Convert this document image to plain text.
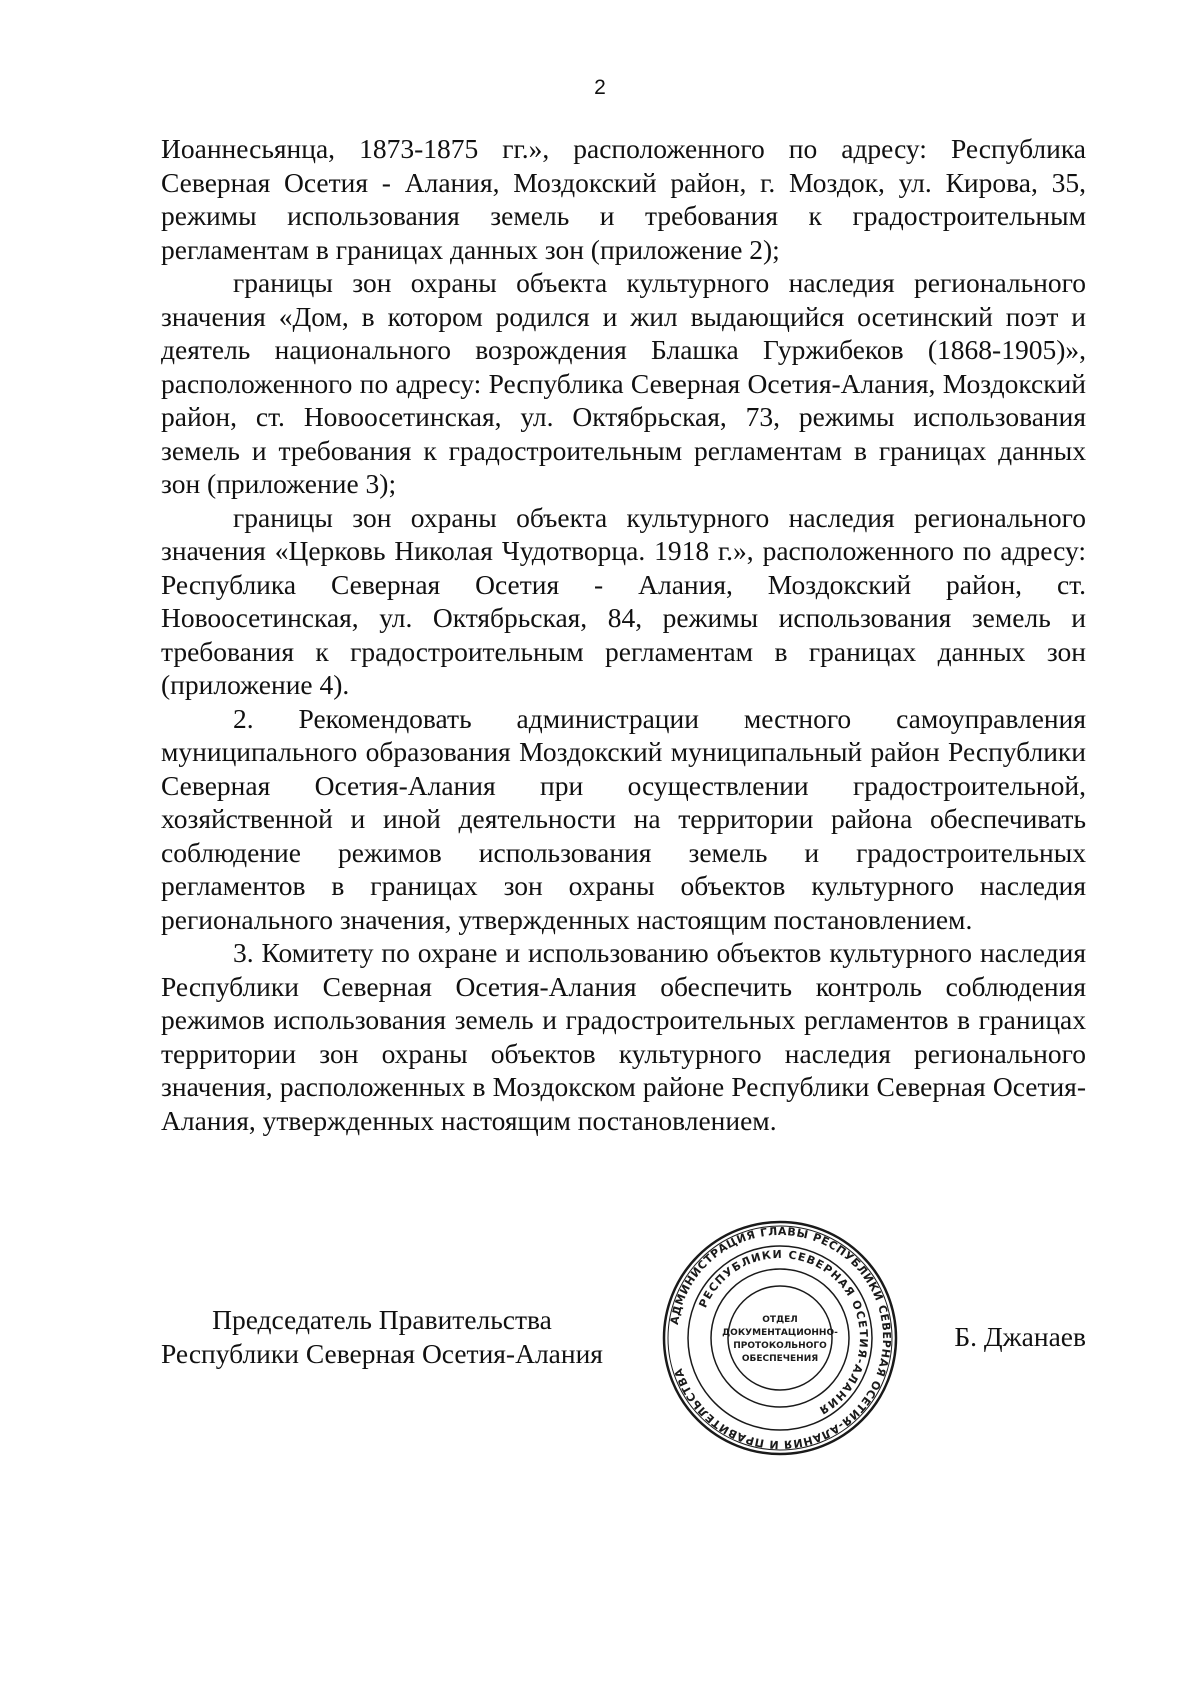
2

Иоаннесьянца, 1873-1875 гг.», расположенного по адресу: Республика Северная Осетия - Алания, Моздокский район, г. Моздок, ул. Кирова, 35, режимы использования земель и требования к градостроительным регламентам в границах данных зон (приложение 2);

границы зон охраны объекта культурного наследия регионального значения «Дом, в котором родился и жил выдающийся осетинский поэт и деятель национального возрождения Блашка Гуржибеков (1868-1905)», расположенного по адресу: Республика Северная Осетия-Алания, Моздокский район, ст. Новоосетинская, ул. Октябрьская, 73, режимы использования земель и требования к градостроительным регламентам в границах данных зон (приложение 3);

границы зон охраны объекта культурного наследия регионального значения «Церковь Николая Чудотворца. 1918 г.», расположенного по адресу: Республика Северная Осетия - Алания, Моздокский район, ст. Новоосетинская, ул. Октябрьская, 84, режимы использования земель и требования к градостроительным регламентам в границах данных зон (приложение 4).

2. Рекомендовать администрации местного самоуправления муниципального образования Моздокский муниципальный район Республики Северная Осетия-Алания при осуществлении градостроительной, хозяйственной и иной деятельности на территории района обеспечивать соблюдение режимов использования земель и градостроительных регламентов в границах зон охраны объектов культурного наследия регионального значения, утвержденных настоящим постановлением.

3. Комитету по охране и использованию объектов культурного наследия Республики Северная Осетия-Алания обеспечить контроль соблюдения режимов использования земель и градостроительных регламентов в границах территории зон охраны объектов культурного наследия регионального значения, расположенных в Моздокском районе Республики Северная Осетия-Алания, утвержденных настоящим постановлением.

Председатель Правительства
Республики Северная Осетия-Алания
АДМИНИСТРАЦИЯ ГЛАВЫ РЕСПУБЛИКИ СЕВЕРНАЯ ОСЕТИЯ-АЛАНИЯ И ПРАВИТЕЛЬСТВА
РЕСПУБЛИКИ СЕВЕРНАЯ ОСЕТИЯ-АЛАНИЯ
ОТДЕЛ
ДОКУМЕНТАЦИОННО-
ПРОТОКОЛЬНОГО
ОБЕСПЕЧЕНИЯ
Б. Джанаев
